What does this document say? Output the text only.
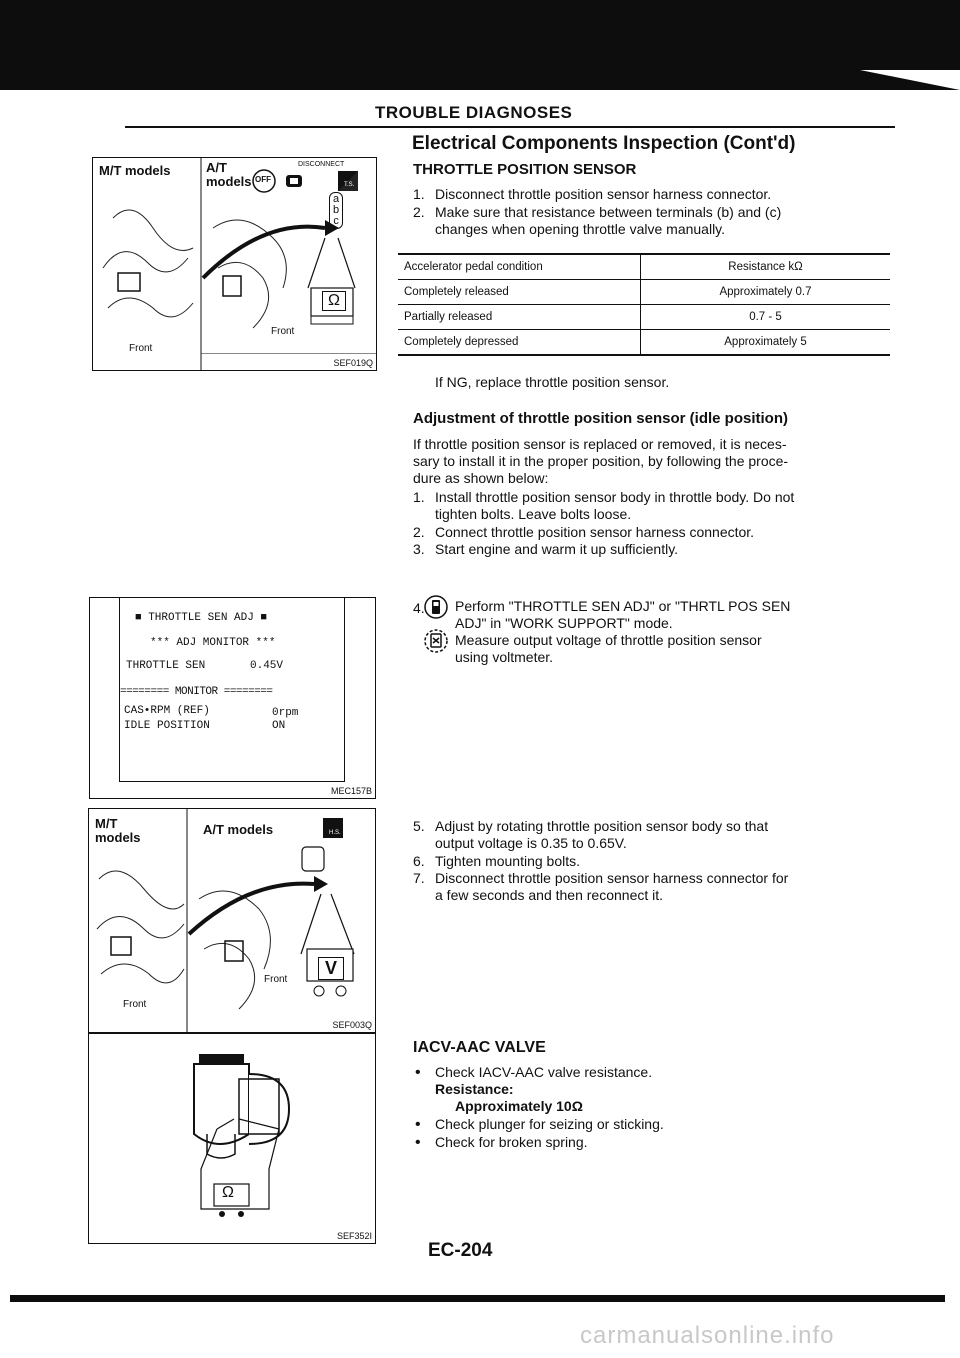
TROUBLE DIAGNOSES
Electrical Components Inspection (Cont'd)
THROTTLE POSITION SENSOR
1. Disconnect throttle position sensor harness connector.
2. Make sure that resistance between terminals (b) and (c)
changes when opening throttle valve manually.
Accelerator pedal condition	Resistance kΩ
Completely released	Approximately 0.7
Partially released	0.7 - 5
Completely depressed	Approximately 5
If NG, replace throttle position sensor.
Adjustment of throttle position sensor (idle position)
If throttle position sensor is replaced or removed, it is neces-
sary to install it in the proper position, by following the proce-
dure as shown below:
1. Install throttle position sensor body in throttle body. Do not
tighten bolts. Leave bolts loose.
2. Connect throttle position sensor harness connector.
3. Start engine and warm it up sufficiently.
4. Perform "THROTTLE SEN ADJ" or "THRTL POS SEN
ADJ" in "WORK SUPPORT" mode.
Measure output voltage of throttle position sensor
using voltmeter.
5. Adjust by rotating throttle position sensor body so that
output voltage is 0.35 to 0.65V.
6. Tighten mounting bolts.
7. Disconnect throttle position sensor harness connector for
a few seconds and then reconnect it.
IACV-AAC VALVE
• Check IACV-AAC valve resistance.
Resistance:
Approximately 10Ω
• Check plunger for seizing or sticking.
• Check for broken spring.
M/T models	A/T
models OFF
DISCONNECT
T.S.
a
b
c
Ω
Front
Front
SEF019Q
■ THROTTLE SEN ADJ ■
*** ADJ MONITOR ***
THROTTLE SEN	0.45V
======== MONITOR ========
CAS•RPM (REF)	0rpm
IDLE POSITION	ON
MEC157B
M/T
models
A/T models	H.S.
V
Front
Front
SEF003Q
Ω
SEF352I
EC-204
carmanualsonline.info
